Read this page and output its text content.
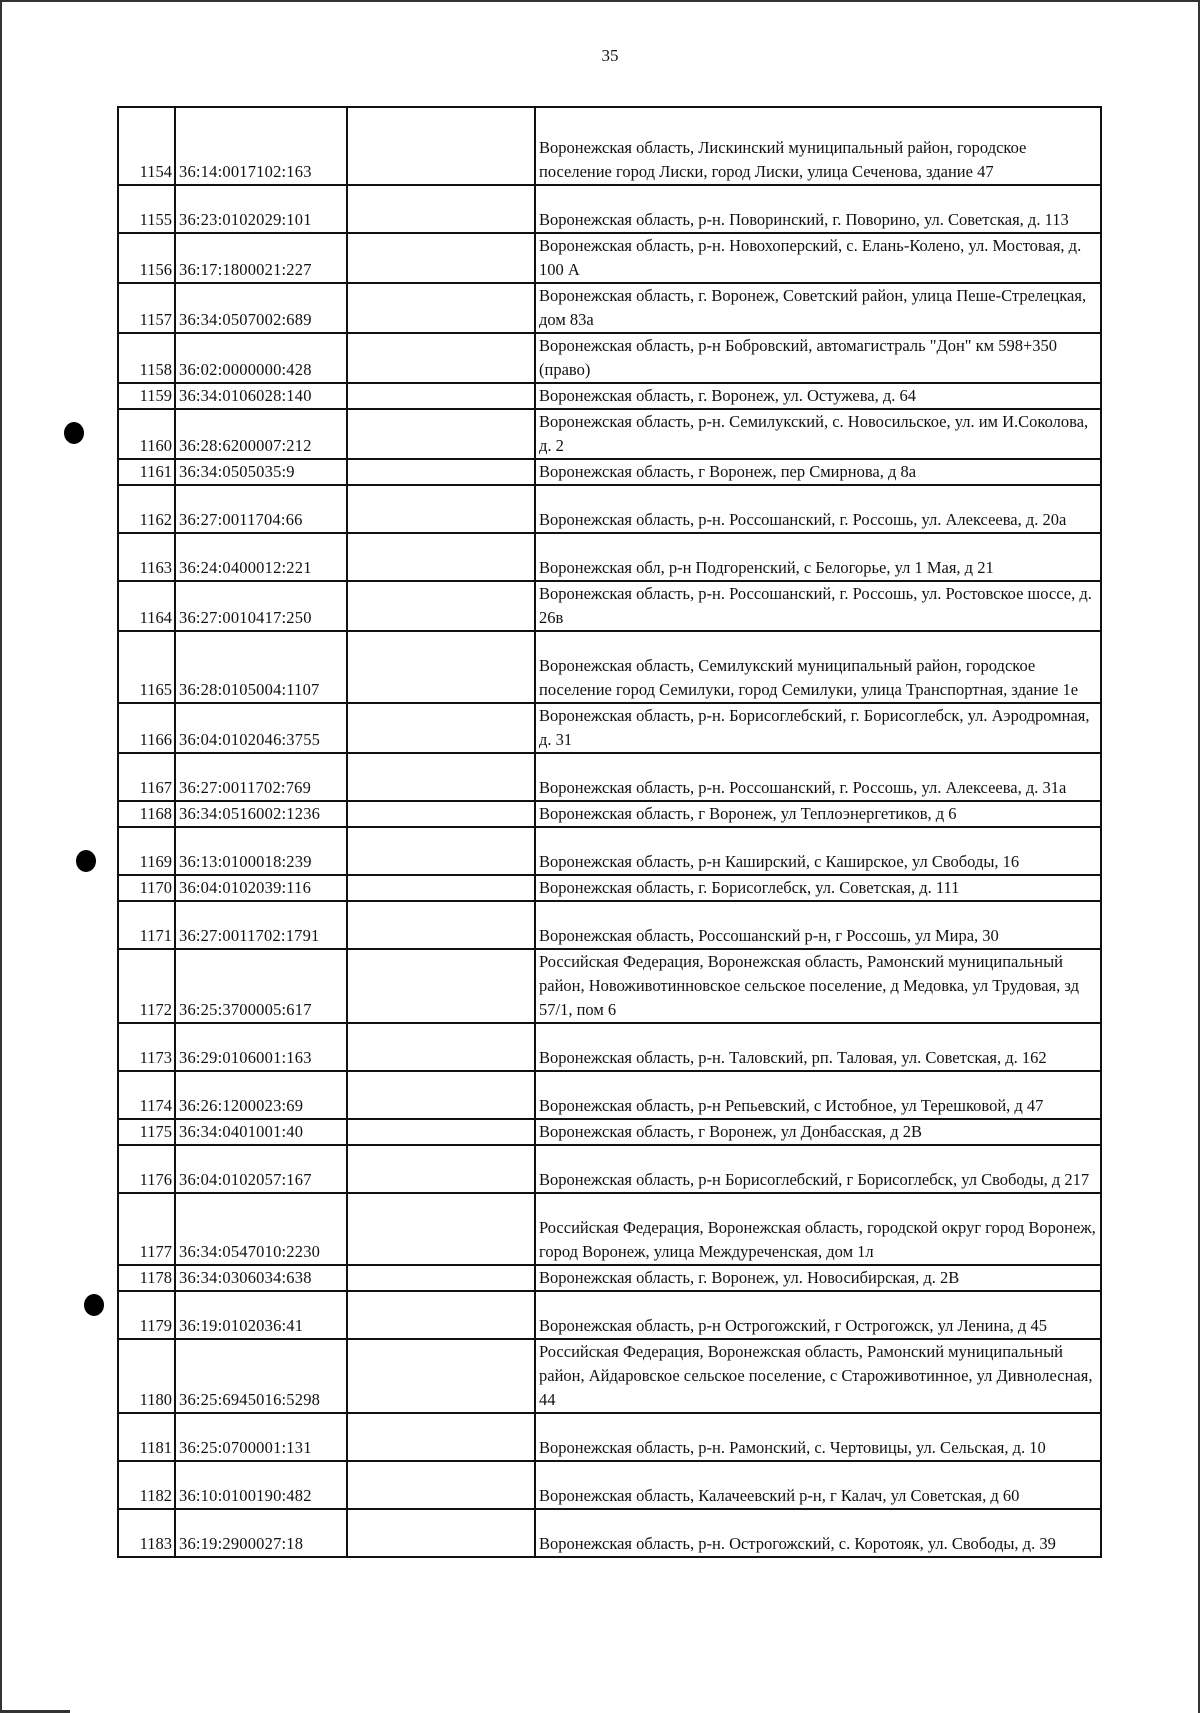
35
1154	36:14:0017102:163		Воронежская область, Лискинский муниципальный район, городское поселение город Лиски, город Лиски, улица Сеченова, здание 47
1155	36:23:0102029:101		Воронежская область, р-н. Поворинский, г. Поворино, ул. Советская, д. 113
1156	36:17:1800021:227		Воронежская область, р-н. Новохоперский, с. Елань-Колено, ул. Мостовая, д. 100 А
1157	36:34:0507002:689		Воронежская область, г. Воронеж, Советский район, улица Пеше-Стрелецкая, дом 83а
1158	36:02:0000000:428		Воронежская область, р-н Бобровский, автомагистраль "Дон" км 598+350 (право)
1159	36:34:0106028:140		Воронежская область, г. Воронеж, ул. Остужева, д. 64
1160	36:28:6200007:212		Воронежская область, р-н. Семилукский, с. Новосильское, ул. им И.Соколова, д. 2
1161	36:34:0505035:9		Воронежская область, г Воронеж, пер Смирнова, д 8а
1162	36:27:0011704:66		Воронежская область, р-н. Россошанский, г. Россошь, ул. Алексеева, д. 20а
1163	36:24:0400012:221		Воронежская обл, р-н Подгоренский, с Белогорье, ул 1 Мая, д 21
1164	36:27:0010417:250		Воронежская область, р-н. Россошанский, г. Россошь, ул. Ростовское шоссе, д. 26в
1165	36:28:0105004:1107		Воронежская область, Семилукский муниципальный район, городское поселение город Семилуки, город Семилуки, улица Транспортная, здание 1е
1166	36:04:0102046:3755		Воронежская область, р-н. Борисоглебский, г. Борисоглебск, ул. Аэродромная, д. 31
1167	36:27:0011702:769		Воронежская область, р-н. Россошанский, г. Россошь, ул. Алексеева, д. 31а
1168	36:34:0516002:1236		Воронежская область, г Воронеж, ул Теплоэнергетиков, д 6
1169	36:13:0100018:239		Воронежская область, р-н Каширский, с Каширское, ул Свободы, 16
1170	36:04:0102039:116		Воронежская область, г. Борисоглебск, ул. Советская, д. 111
1171	36:27:0011702:1791		Воронежская область, Россошанский р-н, г Россошь, ул Мира, 30
1172	36:25:3700005:617		Российская Федерация, Воронежская область, Рамонский муниципальный район, Новоживотинновское сельское поселение, д Медовка, ул Трудовая, зд 57/1, пом 6
1173	36:29:0106001:163		Воронежская область, р-н. Таловский, рп. Таловая, ул. Советская, д. 162
1174	36:26:1200023:69		Воронежская область, р-н Репьевский, с Истобное, ул Терешковой, д 47
1175	36:34:0401001:40		Воронежская область, г Воронеж, ул Донбасская, д 2В
1176	36:04:0102057:167		Воронежская область, р-н Борисоглебский, г Борисоглебск, ул Свободы, д 217
1177	36:34:0547010:2230		Российская Федерация, Воронежская область, городской округ город Воронеж, город Воронеж, улица Междуреченская, дом 1л
1178	36:34:0306034:638		Воронежская область, г. Воронеж, ул. Новосибирская, д. 2В
1179	36:19:0102036:41		Воронежская область, р-н Острогожский, г Острогожск, ул Ленина, д 45
1180	36:25:6945016:5298		Российская Федерация, Воронежская область, Рамонский муниципальный район, Айдаровское сельское поселение, с Староживотинное, ул Дивнолесная, 44
1181	36:25:0700001:131		Воронежская область, р-н. Рамонский, с. Чертовицы, ул. Сельская, д. 10
1182	36:10:0100190:482		Воронежская область, Калачеевский р-н, г Калач, ул Советская, д 60
1183	36:19:2900027:18		Воронежская область, р-н. Острогожский, с. Коротояк, ул. Свободы, д. 39
